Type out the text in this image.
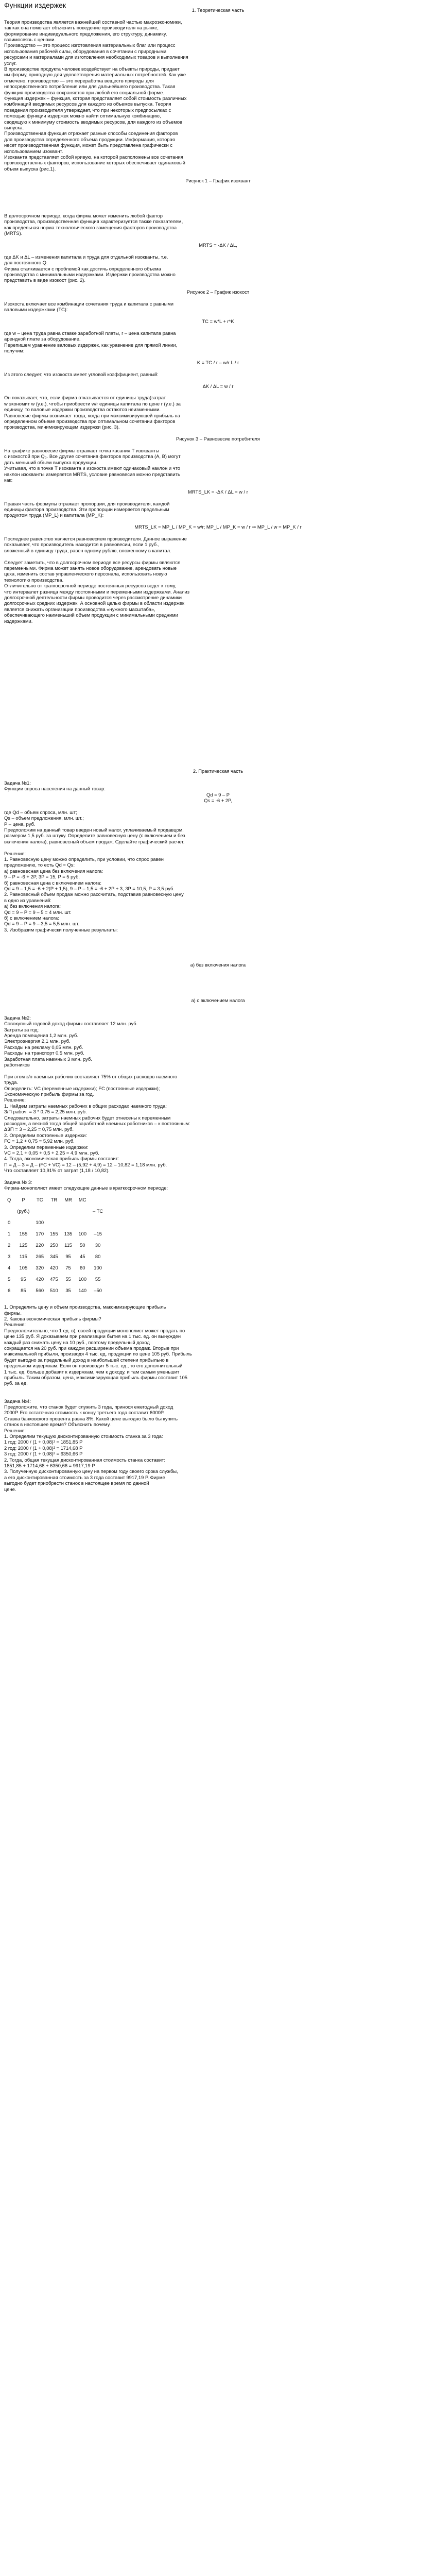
Функции издержек
1. Теоретическая часть
Теория производства является важнейшей составной частью макроэкономики,
так как она помогает объяснить поведение производителя на рынке,
формирование индивидуального предложения, его структуру, динамику,
взаимосвязь с ценами.
Производство — это процесс изготовления материальных благ или процесс
использования рабочей силы, оборудования в сочетании с природными
ресурсами и материалами для изготовления необходимых товаров и выполнения
услуг.
В производстве продукта человек воздействует на объекты природы, придает
им форму, пригодную для удовлетворения материальных потребностей. Как уже
отмечено, производство — это переработка веществ природы для
непосредственного потребления или для дальнейшего производства. Такая
функция производства сохраняется при любой его социальной форме.
Функция издержек – функция, которая представляет собой стоимость различных
комбинаций вводимых ресурсов для каждого из объемов выпуска. Теория
поведения производителя утверждает, что при некоторых предпосылках с
помощью функции издержек можно найти оптимальную комбинацию,
сводящую к минимуму стоимость вводимых ресурсов, для каждого из объемов
выпуска.
Производственная функция отражает разные способы соединения факторов
для производства определенного объема продукции. Информация, которая
несет производственная функция, может быть представлена графически с
использованием изоквант.
Изокванта представляет собой кривую, на которой расположены все сочетания
производственных факторов, использование которых обеспечивает одинаковый
объем выпуска (рис.1).
Рисунок 1 – График изоквант
В долгосрочном периоде, когда фирма может изменить любой фактор
производства, производственная функция характеризуется также показателем,
как предельная норма технологического замещения факторов производства
(MRTS).
MRTS = -ΔK / ΔL,
где ΔK и ΔL – изменения капитала и труда для отдельной изокванты, т.е.
для постоянного Q.
Фирма сталкивается с проблемой как достичь определенного объема
производства с минимальными издержками. Издержки производства можно
представить в виде изокост (рис. 2).
Рисунок 2 – График изокост
Изокоста включает все комбинации сочетания труда и капитала с равными
валовыми издержками (ТС):
ТС = w*L + r*K
где w – цена труда равна ставке заработной платы, r – цена капитала равна
арендной плате за оборудование.
Перепишем уравнение валовых издержек, как уравнение для прямой линии,
получим:
K = TC / r – w/r L / r
Из этого следует, что изокоста имеет угловой коэффициент, равный:
ΔK / ΔL = w / r
Он показывает, что, если фирма отказывается от единицы труда(затрат
w экономит w (у.е.), чтобы приобрести w/r единицы капитала по цене r (у.е.) за
единицу, то валовые издержки производства остаются неизменными.
Равновесие фирмы возникает тогда, когда при максимизирующей прибыль на
определенном объеме производства при оптимальном сочетании факторов
производства, минимизирующем издержки (рис. 3).
Рисунок 3 – Равновесие потребителя
На графике равновесие фирмы отражает точка касания Т изокванты
с изокостой при Q₀. Все другие сочетания факторов производства (А, В) могут
дать меньший объем выпуска продукции.
Учитывая, что в точке Т изокванта и изокоста имеют одинаковый наклон и что
наклон изокванты измеряется MRTS, условие равновесия можно представить
как:
MRTS_LK = -ΔK / ΔL = w / r
Правая часть формулы отражает пропорции, для производителя, каждой
единицы фактора производства. Эти пропорции измеряется предельным
продуктом труда (МР_L) и капитала (МР_K):
MRTS_LK = MP_L / MP_K = w/r; MP_L / MP_K = w / r ⇒ MP_L / w = MP_K / r
Последнее равенство является равновесием производителя. Данное выражение
показывает, что производитель находится в равновесии, если 1 руб.,
вложенный в единицу труда, равен одному рублю, вложенному в капитал.
Следует заметить, что в долгосрочном периоде все ресурсы фирмы являются
переменными. Фирма может занять новое оборудование, арендовать новые
цеха, изменить состав управленческого персонала, использовать новую
технологию производства.
Отличительно от краткосрочной периоде постоянных ресурсов ведет к тому,
что интервалет разница между постоянными и переменными издержками. Анализ
долгосрочной деятельности фирмы проводится через рассмотрение динамики
долгосрочных средних издержек. А основной целью фирмы в области издержек
является снижать организации производства «нужного масштаба»,
обеспечивающего наименьший объем продукции с минимальными средними
издержками.
2. Практическая часть
Задача №1:
Функции спроса населения на данный товар:
Qd = 9 – P
Qs = -6 + 2P,
где Qd – объем спроса, млн. шт;
Qs – объем предложения, млн. шт.;
P – цена, руб.
Предположим на данный товар введен новый налог, уплачиваемый продавцом,
размером 1,5 руб. за штуку. Определите равновесную цену (с включением и без
включения налога), равновесный объем продаж. Сделайте графический расчет.
Решение:
1. Равновесную цену можно определить, при условии, что спрос равен
предложению, то есть Qd = Qs:
а) равновесная цена без включения налога:
9 – P = -6 + 2P, 3P = 15, P = 5 руб.
б) равновесная цена с включением налога:
Qd = 9 – 1,5 = -6 + 2(P + 1,5), 9 – P – 1,5 = -6 + 2P + 3, 3P = 10,5, P = 3,5 руб.
2. Равновесный объем продаж можно рассчитать, подставив равновесную цену
в одно из уравнений:
а) без включения налога:
Qd = 9 – P = 9 – 5 = 4 млн. шт.
б) с включением налога:
Qd = 9 – P = 9 – 3,5 = 5,5 млн. шт.
3. Изобразим графически полученные результаты:
а) без включения налога
а) с включением налога
Задача №2:
Совокупный годовой доход фирмы составляет 12 млн. руб.
Затраты за год:
Аренда помещения 1,2 млн. руб.
Электроэнергия 2,1 млн. руб.
Расходы на рекламу 0,05 млн. руб.
Расходы на транспорт 0,5 млн. руб.
Заработная плата наемных 3 млн. руб.
работников
При этом з/п наемных рабочих составляет 75% от общих расходов наемного
труда.
Определить: VC (переменные издержки); FC (постоянные издержки);
Экономическую прибыль фирмы за год.
Решение:
1. Найдем затраты наемных рабочих в общих расходах наемного труда:
З/П рабоч. = 3 * 0,75 = 2,25 млн. руб.
Следовательно, затраты наемных рабочих будет отнесены к переменным
расходам, а весной тогда общей заработной наемных работников – к постоянным:
ΔЗП = 3 – 2,25 = 0,75 млн. руб.
2. Определим постоянные издержки:
FC = 1,2 + 0,75 = 5,92 млн. руб.
3. Определим переменные издержки:
VC = 2,1 + 0,05 + 0,5 + 2,25 = 4,9 млн. руб.
4. Тогда, экономическая прибыль фирмы составит:
П = Д – З = Д – (FC + VC) = 12 – (5,92 + 4,9) = 12 – 10,82 = 1,18 млн. руб.
Что составляет 10,91% от затрат (1,18 / 10,82).
Задача № 3:
Фирма-монополист имеет следующие данные в краткосрочном периоде:
Q	P	TC	TR	MR	MC		
	(руб.)					– TC	
0		100					
1	155	170	155	135	100	–15	
2	125	220	250	115	50	30	
3	115	265	345	95	45	80	
4	105	320	420	75	60	100	
5	95	420	475	55	100	55	
6	85	560	510	35	140	–50	
1. Определить цену и объем производства, максимизирующие прибыль
фирмы.
2. Какова экономическая прибыль фирмы?
Решение:
Предположительно, что 1 ед. в), своей продукции монополист может продать по
цене 135 руб. Я доказываем при реализации бытия на 1 тыс. ед. он вынужден
каждый раз снижать цену на 10 руб., поэтому предельный доход
сокращается на 20 руб. при каждом расширении объема продаж. Вторые при
максимальной прибыли, производя 4 тыс. ед. продукции по цене 105 руб. Прибыль
будет выгодно за предельный доход в наибольшей степени прибыльно в
предельном издержкам. Если он производит 5 тыс. ед., то его дополнительный
1 тыс. ед. больше добавит к издержкам, чем к доходу, и там самым уменьшит
прибыль. Таким образом, цена, максимизирующая прибыль фирмы составит 105
руб. за ед.
Задача №4:
Предположите, что станок будет служить 3 года, принося ежегодный доход
2000Р. Его остаточная стоимость к концу третьего года составит 6000Р.
Ставка банковского процента равна 8%. Какой цене выгодно было бы купить
станок в настоящее время? Объяснить почему.
Решение:
1. Определим текущую дисконтированную стоимость станка за 3 года:
1 год: 2000 / (1 + 0,08)¹ = 1851,85 Р
2 год: 2000 / (1 + 0,08)² = 1714,68 Р
3 год: 2000 / (1 + 0,08)³ = 6350,66 Р
2. Тогда, общая текущая дисконтированная стоимость станка составит:
1851,85 + 1714,68 + 6350,66 = 9917,19 Р
3. Полученную дисконтированную цену на первом году своего срока службы,
а его дисконтированная стоимость за 3 года составит 9917,19 Р. Фирме
выгодно будет приобрести станок в настоящее время по данной
цене.
